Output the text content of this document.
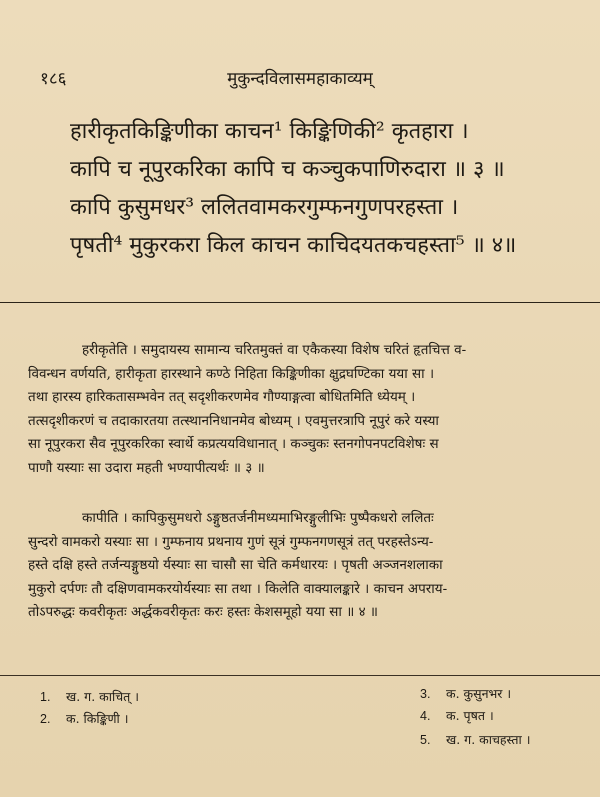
१८६	मुकुन्दविलासमहाकाव्यम्
हारीकृतकिङ्किणीका काचन¹ किङ्किणिकी² कृतहारा ।
कापि च नूपुरकरिका कापि च कञ्चुकपाणिरुदारा ॥ ३ ॥
कापि कुसुमधर³ ललितवामकरगुम्फनगुणपरहस्ता ।
पृषती⁴ मुकुरकरा किल काचन काचिदयतकचहस्ता⁵ ॥ ४॥
हरीकृतेति । समुदायस्य सामान्य चरितमुक्तं वा एकैकस्या विशेष चरितं हृतचित्त व-
विवन्धन वर्णयति, हारीकृता हारस्थाने कण्ठे निहिता किङ्किणीका क्षुद्रघण्टिका यया सा ।
तथा हारस्य हारिकतासम्भवेन तत् सदृशीकरणमेव गौण्याङ्गत्वा बोधितमिति ध्येयम् ।
तत्सदृशीकरणं च तदाकारतया तत्स्थाननिधानमेव बोध्यम् । एवमुत्तरत्रापि नूपुरं करे यस्या
सा नूपुरकरा सैव नूपुरकरिका स्वार्थे कप्रत्ययविधानात् । कञ्चुकः स्तनगोपनपटविशेषः स
पाणौ यस्याः सा उदारा महती भण्यापीत्यर्थः ॥ ३ ॥
कापीति । कापिकुसुमधरो ऽङ्गुष्ठतर्जनीमध्यमाभिरङ्गुलीभिः पुष्पैकधरो ललितः
सुन्दरो वामकरो यस्याः सा । गुम्फनाय प्रथनाय गुणं सूत्रं गुम्फनगणसूत्रं तत् परहस्तेऽन्य-
हस्ते दक्षि हस्ते तर्जन्यङ्गुष्ठयो र्यस्याः सा चासौ सा चेति कर्मधारयः । पृषती अञ्जनशलाका
मुकुरो दर्पणः तौ दक्षिणवामकरयोर्यस्याः सा तथा । किलेति वाक्यालङ्कारे । काचन अपराय-
तोऽपरुद्धः कवरीकृतः अर्द्धकवरीकृतः करः हस्तः केशसमूहो यया सा ॥ ४ ॥
1. ख. ग. काचित् ।
2. क. किङ्किणी ।
3. क. कुसुनभर ।
4. क. पृषत ।
5. ख. ग. काचहस्ता ।
